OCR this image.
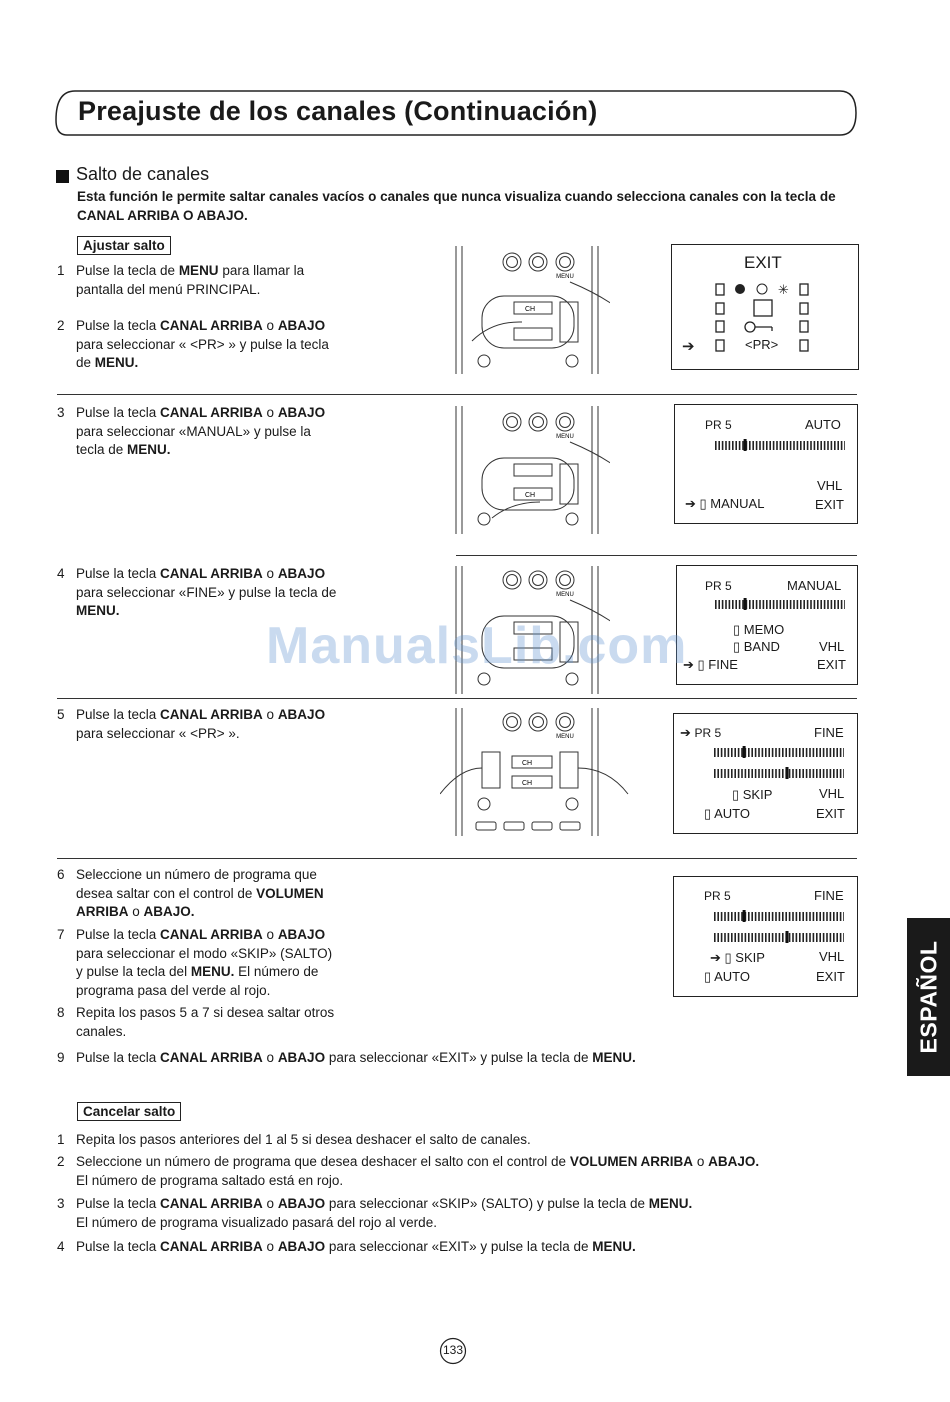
Preajuste de los canales (Continuación)
Salto de canales
Esta función le permite saltar canales vacíos o canales que nunca visualiza cuando selecciona canales con la tecla de CANAL ARRIBA O ABAJO.
Ajustar salto
1 Pulse la tecla de MENU para llamar la
pantalla del menú PRINCIPAL.
2 Pulse la tecla CANAL ARRIBA o ABAJO
para seleccionar « <PR> » y pulse la tecla
de MENU.
3 Pulse la tecla CANAL ARRIBA o ABAJO
para seleccionar «MANUAL» y pulse la
tecla de MENU.
4 Pulse la tecla CANAL ARRIBA o ABAJO
para seleccionar «FINE» y pulse la tecla de
MENU.
5 Pulse la tecla CANAL ARRIBA o ABAJO
para seleccionar « <PR> ».
6 Seleccione un número de programa que
desea saltar con el control de VOLUMEN
ARRIBA o ABAJO.
7 Pulse la tecla CANAL ARRIBA o ABAJO
para seleccionar el modo «SKIP» (SALTO)
y pulse la tecla del MENU. El número de
programa pasa del verde al rojo.
8 Repita los pasos 5 a 7 si desea saltar otros
canales.
9 Pulse la tecla CANAL ARRIBA o ABAJO para seleccionar «EXIT» y pulse la tecla de MENU.
Cancelar salto
1 Repita los pasos anteriores del 1 al 5 si desea deshacer el salto de canales.
2 Seleccione un número de programa que desea deshacer el salto con el control de VOLUMEN ARRIBA o ABAJO.
El número de programa saltado está en rojo.
3 Pulse la tecla CANAL ARRIBA o ABAJO para seleccionar «SKIP» (SALTO) y pulse la tecla de MENU.
El número de programa visualizado pasará del rojo al verde.
4 Pulse la tecla CANAL ARRIBA o ABAJO para seleccionar «EXIT» y pulse la tecla de MENU.
MENU
CH
MENU
CH
MENU
MENU
CH
CH
EXIT
✳
➔	<PR>
PR 5	AUTO
VHL
➔ ▯ MANUAL	EXIT
PR 5	MANUAL
▯ MEMO
▯ BAND	VHL
➔ ▯ FINE	EXIT
➔ PR 5	FINE
▯ SKIP	VHL
▯ AUTO	EXIT
PR 5	FINE
➔ ▯ SKIP	VHL
▯ AUTO	EXIT
ManualsLib.com
ESPAÑOL
133
